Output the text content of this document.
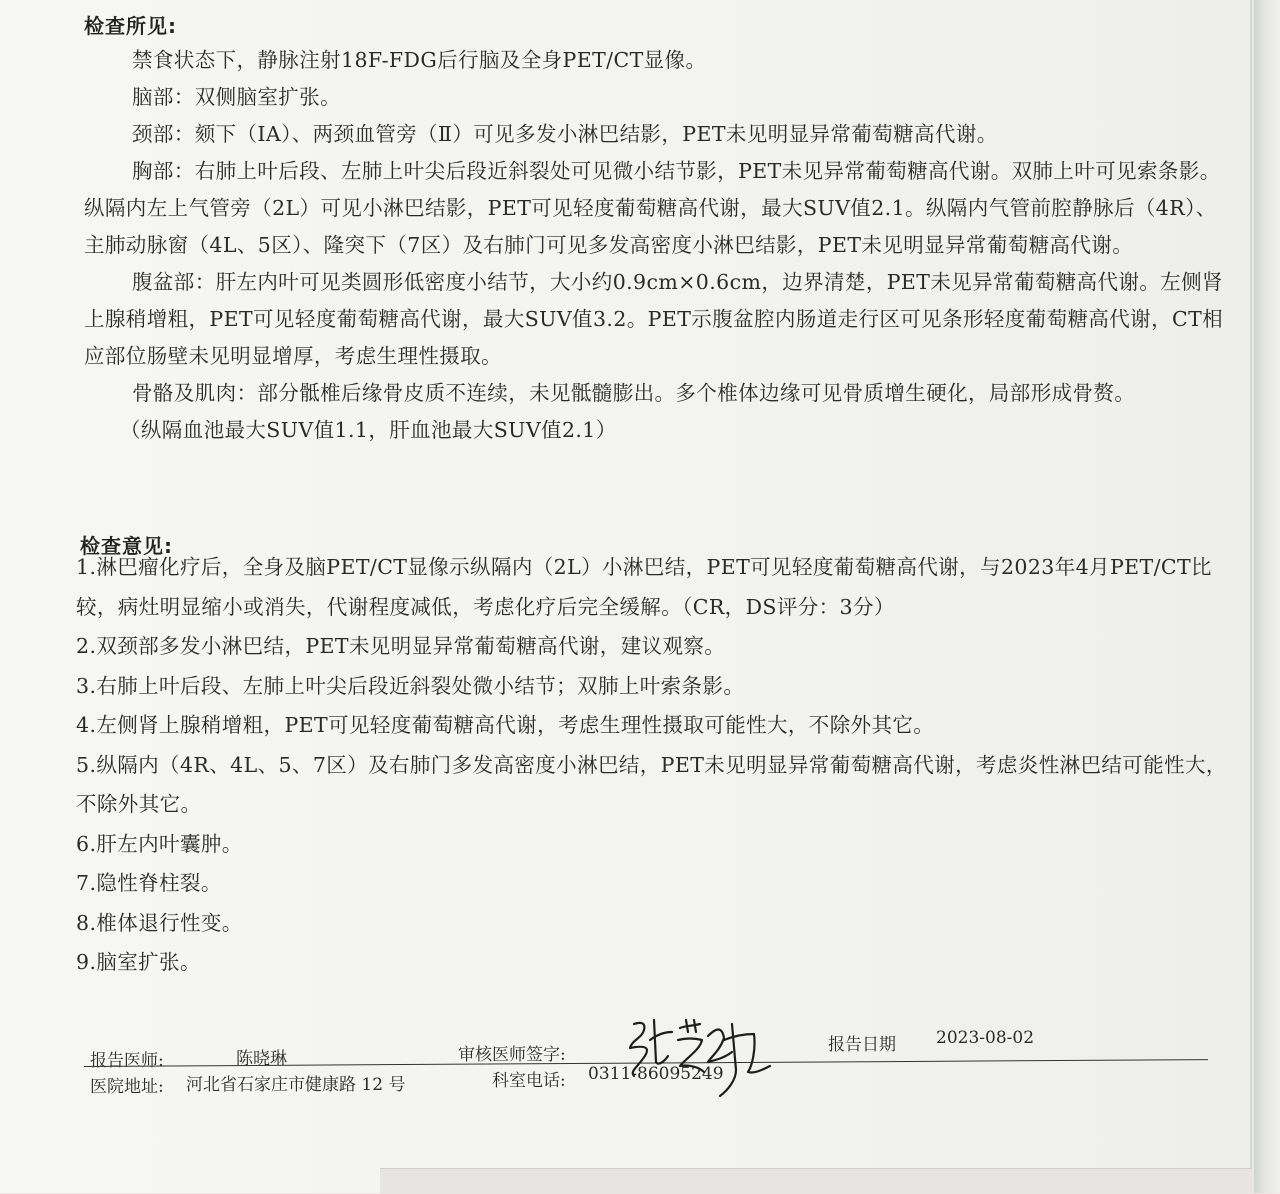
检查所见:

禁食状态下，静脉注射18F-FDG后行脑及全身PET/CT显像。

脑部：双侧脑室扩张。

颈部：颏下（ⅠA）、两颈血管旁（Ⅱ）可见多发小淋巴结影，PET未见明显异常葡萄糖高代谢。

胸部：右肺上叶后段、左肺上叶尖后段近斜裂处可见微小结节影，PET未见异常葡萄糖高代谢。双肺上叶可见索条影。纵隔内左上气管旁（2L）可见小淋巴结影，PET可见轻度葡萄糖高代谢，最大SUV值2.1。纵隔内气管前腔静脉后（4R）、主肺动脉窗（4L、5区）、隆突下（7区）及右肺门可见多发高密度小淋巴结影，PET未见明显异常葡萄糖高代谢。

腹盆部：肝左内叶可见类圆形低密度小结节，大小约0.9cm×0.6cm，边界清楚，PET未见异常葡萄糖高代谢。左侧肾上腺稍增粗，PET可见轻度葡萄糖高代谢，最大SUV值3.2。PET示腹盆腔内肠道走行区可见条形轻度葡萄糖高代谢，CT相应部位肠壁未见明显增厚，考虑生理性摄取。

骨骼及肌肉：部分骶椎后缘骨皮质不连续，未见骶髓膨出。多个椎体边缘可见骨质增生硬化，局部形成骨赘。

（纵隔血池最大SUV值1.1，肝血池最大SUV值2.1）

检查意见:

1.淋巴瘤化疗后，全身及脑PET/CT显像示纵隔内（2L）小淋巴结，PET可见轻度葡萄糖高代谢，与2023年4月PET/CT比较，病灶明显缩小或消失，代谢程度减低，考虑化疗后完全缓解。（CR，DS评分：3分）

2.双颈部多发小淋巴结，PET未见明显异常葡萄糖高代谢，建议观察。

3.右肺上叶后段、左肺上叶尖后段近斜裂处微小结节；双肺上叶索条影。

4.左侧肾上腺稍增粗，PET可见轻度葡萄糖高代谢，考虑生理性摄取可能性大，不除外其它。

5.纵隔内（4R、4L、5、7区）及右肺门多发高密度小淋巴结，PET未见明显异常葡萄糖高代谢，考虑炎性淋巴结可能性大，不除外其它。

6.肝左内叶囊肿。

7.隐性脊柱裂。

8.椎体退行性变。

9.脑室扩张。

报告医师:	陈晓琳	审核医师签字:	报告日期 2023-08-02
医院地址: 河北省石家庄市健康路 12 号	科室电话: 0311-86095249
